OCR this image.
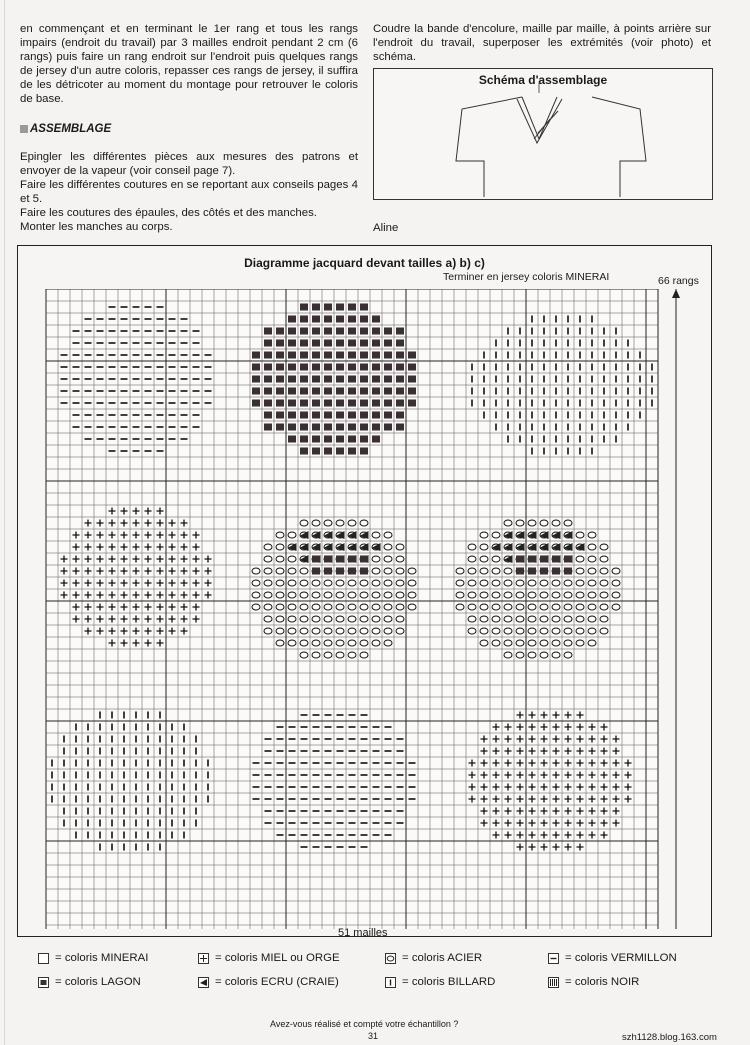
en commençant et en terminant le 1er rang et tous les rangs impairs (endroit du travail) par 3 mailles endroit pendant 2 cm (6 rangs) puis faire un rang endroit sur l'endroit puis quelques rangs de jersey d'un autre coloris, repasser ces rangs de jersey, il suffira de les détricoter au moment du montage pour retrouver le coloris de base.

ASSEMBLAGE

Epingler les différentes pièces aux mesures des patrons et envoyer de la vapeur (voir conseil page 7).

Faire les différentes coutures en se reportant aux conseils pages 4 et 5.

Faire les coutures des épaules, des côtés et des manches.

Monter les manches au corps.

Coudre la bande d'encolure, maille par maille, à points arrière sur l'endroit du travail, superposer les extrémités (voir photo) et schéma.

Schéma d'assemblage
Aline
Diagramme jacquard devant tailles a) b) c)
Terminer en jersey coloris MINERAI	66 rangs
51 mailles
= coloris MINERAI	= coloris MIEL ou ORGE	= coloris ACIER	= coloris VERMILLON
= coloris LAGON	= coloris ECRU (CRAIE)	= coloris BILLARD	= coloris NOIR
Avez-vous réalisé et compté votre échantillon ?
31	szh1128.blog.163.com
